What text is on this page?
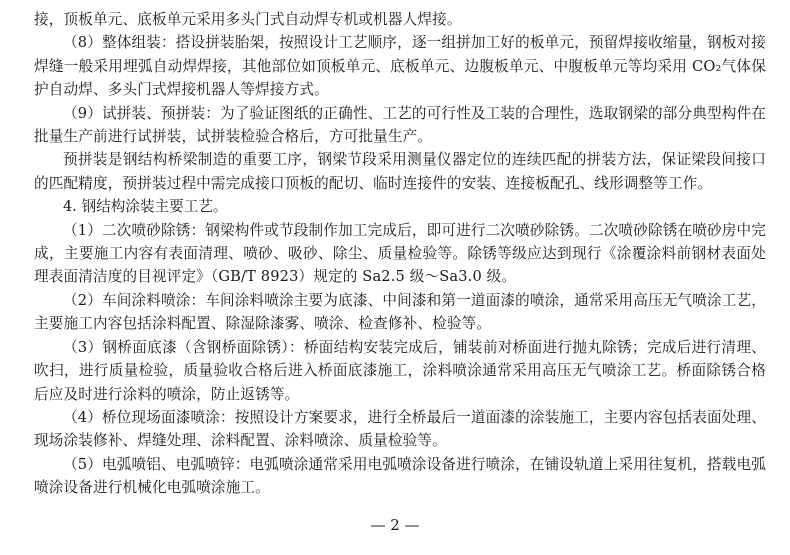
接，顶板单元、底板单元采用多头门式自动焊专机或机器人焊接。

（8）整体组装：搭设拼装胎架，按照设计工艺顺序，逐一组拼加工好的板单元，预留焊接收缩量，钢板对接焊缝一般采用埋弧自动焊焊接，其他部位如顶板单元、底板单元、边腹板单元、中腹板单元等均采用 CO₂气体保护自动焊、多头门式焊接机器人等焊接方式。

（9）试拼装、预拼装：为了验证图纸的正确性、工艺的可行性及工装的合理性，选取钢梁的部分典型构件在批量生产前进行试拼装，试拼装检验合格后，方可批量生产。

预拼装是钢结构桥梁制造的重要工序，钢梁节段采用测量仪器定位的连续匹配的拼装方法，保证梁段间接口的匹配精度，预拼装过程中需完成接口顶板的配切、临时连接件的安装、连接板配孔、线形调整等工作。

4. 钢结构涂装主要工艺。

（1）二次喷砂除锈：钢梁构件或节段制作加工完成后，即可进行二次喷砂除锈。二次喷砂除锈在喷砂房中完成，主要施工内容有表面清理、喷砂、吸砂、除尘、质量检验等。除锈等级应达到现行《涂覆涂料前钢材表面处理表面清洁度的目视评定》（GB/T 8923）规定的 Sa2.5 级～Sa3.0 级。

（2）车间涂料喷涂：车间涂料喷涂主要为底漆、中间漆和第一道面漆的喷涂，通常采用高压无气喷涂工艺，主要施工内容包括涂料配置、除湿除漆雾、喷涂、检查修补、检验等。

（3）钢桥面底漆（含钢桥面除锈）：桥面结构安装完成后，铺装前对桥面进行抛丸除锈；完成后进行清理、吹扫，进行质量检验，质量验收合格后进入桥面底漆施工，涂料喷涂通常采用高压无气喷涂工艺。桥面除锈合格后应及时进行涂料的喷涂，防止返锈等。

（4）桥位现场面漆喷涂：按照设计方案要求，进行全桥最后一道面漆的涂装施工，主要内容包括表面处理、现场涂装修补、焊缝处理、涂料配置、涂料喷涂、质量检验等。

（5）电弧喷铝、电弧喷锌：电弧喷涂通常采用电弧喷涂设备进行喷涂，在铺设轨道上采用往复机，搭载电弧喷涂设备进行机械化电弧喷涂施工。

— 2 —
